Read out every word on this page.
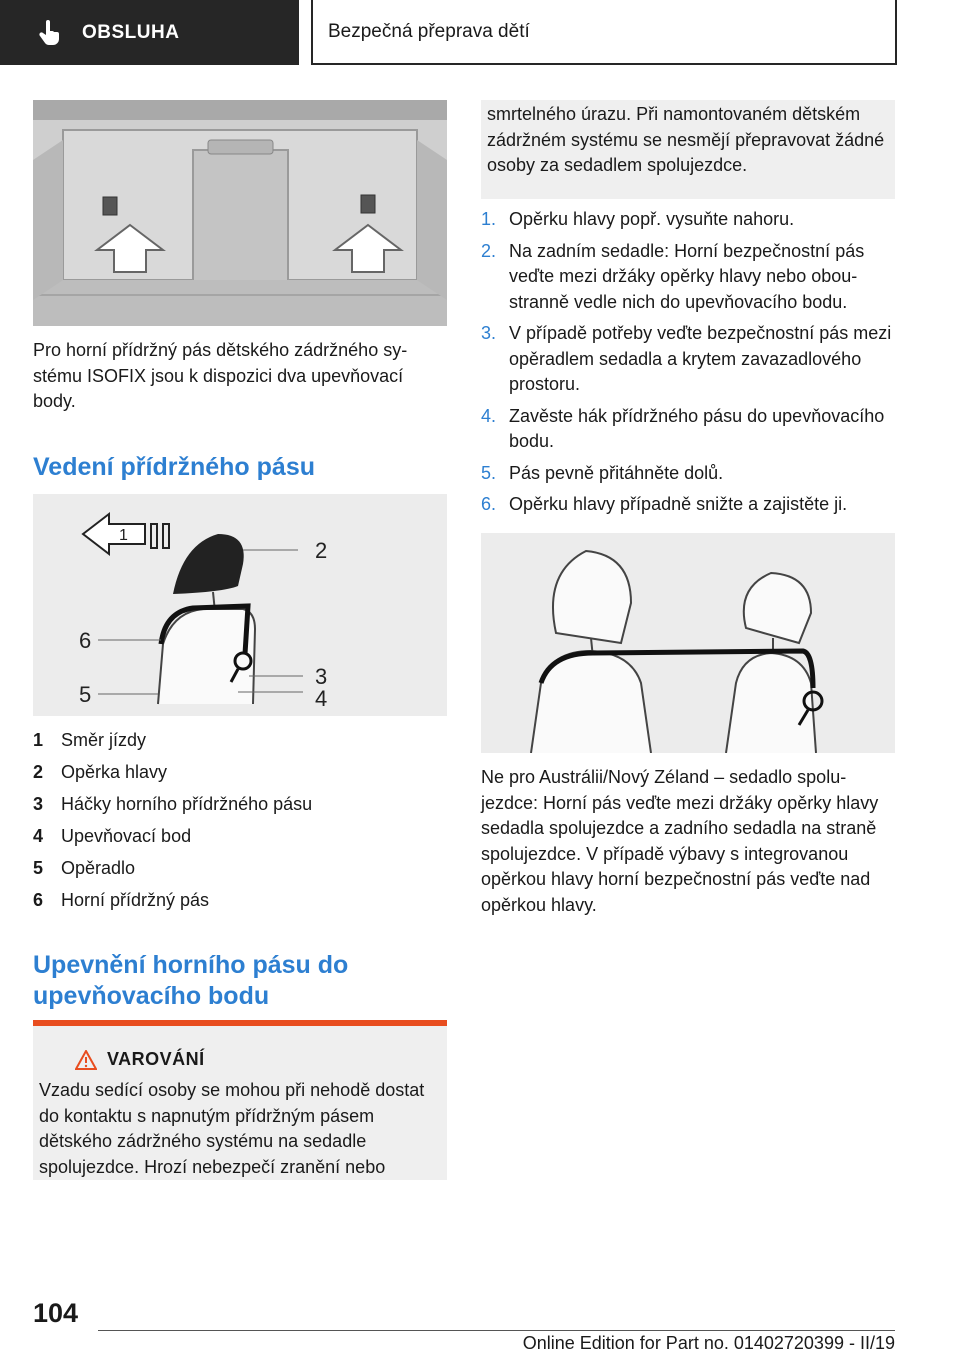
OBSLUHA	Bezpečná přeprava dětí

Pro horní přídržný pás dětského zádržného systému ISOFIX jsou k dispozici dva upevňovací body.

Vedení přídržného pásu
1
2
6
3
5	4
1 Směr jízdy
2 Opěrka hlavy
3 Háčky horního přídržného pásu
4 Upevňovací bod
5 Opěradlo
6 Horní přídržný pás
Upevnění horního pásu do upevňovacího bodu
VAROVÁNÍ

Vzadu sedící osoby se mohou při nehodě dostat do kontaktu s napnutým přídržným pásem dětského zádržného systému na sedadle spolujezdce. Hrozí nebezpečí zranění nebo

smrtelného úrazu. Při namontovaném dětském zádržném systému se nesmějí přepravovat žádné osoby za sedadlem spolujezdce.

1. Opěrku hlavy popř. vysuňte nahoru.
2. Na zadním sedadle: Horní bezpečnostní pás veďte mezi držáky opěrky hlavy nebo oboustranně vedle nich do upevňovacího bodu.
3. V případě potřeby veďte bezpečnostní pás mezi opěradlem sedadla a krytem zavazadlového prostoru.
4. Zavěste hák přídržného pásu do upevňovacího bodu.
5. Pás pevně přitáhněte dolů.
6. Opěrku hlavy případně snižte a zajistěte ji.

Ne pro Austrálii/Nový Zéland – sedadlo spolujezdce: Horní pás veďte mezi držáky opěrky hlavy sedadla spolujezdce a zadního sedadla na straně spolujezdce. V případě výbavy s integrovanou opěrkou hlavy horní bezpečnostní pás veďte nad opěrkou hlavy.

104
Online Edition for Part no. 01402720399 - II/19
